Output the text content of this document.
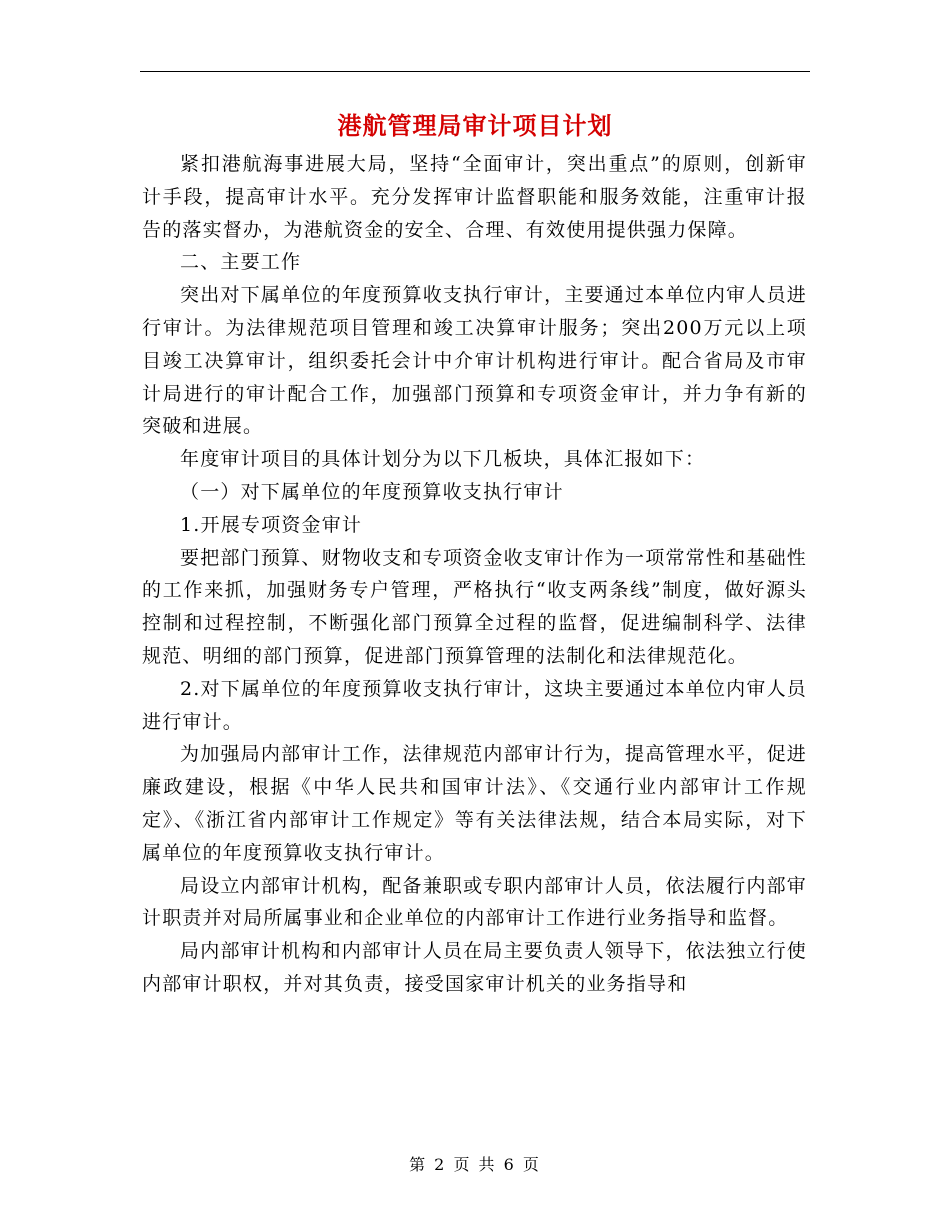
港航管理局审计项目计划

紧扣港航海事进展大局，坚持“全面审计，突出重点”的原则，创新审计手段，提高审计水平。充分发挥审计监督职能和服务效能，注重审计报告的落实督办，为港航资金的安全、合理、有效使用提供强力保障。

二、主要工作

突出对下属单位的年度预算收支执行审计，主要通过本单位内审人员进行审计。为法律规范项目管理和竣工决算审计服务；突出200万元以上项目竣工决算审计，组织委托会计中介审计机构进行审计。配合省局及市审计局进行的审计配合工作，加强部门预算和专项资金审计，并力争有新的突破和进展。

年度审计项目的具体计划分为以下几板块，具体汇报如下：

（一）对下属单位的年度预算收支执行审计

1.开展专项资金审计

要把部门预算、财物收支和专项资金收支审计作为一项常常性和基础性的工作来抓，加强财务专户管理，严格执行“收支两条线”制度，做好源头控制和过程控制，不断强化部门预算全过程的监督，促进编制科学、法律规范、明细的部门预算，促进部门预算管理的法制化和法律规范化。

2.对下属单位的年度预算收支执行审计，这块主要通过本单位内审人员进行审计。

为加强局内部审计工作，法律规范内部审计行为，提高管理水平，促进廉政建设，根据《中华人民共和国审计法》、《交通行业内部审计工作规定》、《浙江省内部审计工作规定》等有关法律法规，结合本局实际，对下属单位的年度预算收支执行审计。

局设立内部审计机构，配备兼职或专职内部审计人员，依法履行内部审计职责并对局所属事业和企业单位的内部审计工作进行业务指导和监督。

局内部审计机构和内部审计人员在局主要负责人领导下，依法独立行使内部审计职权，并对其负责，接受国家审计机关的业务指导和

第 2 页 共 6 页
